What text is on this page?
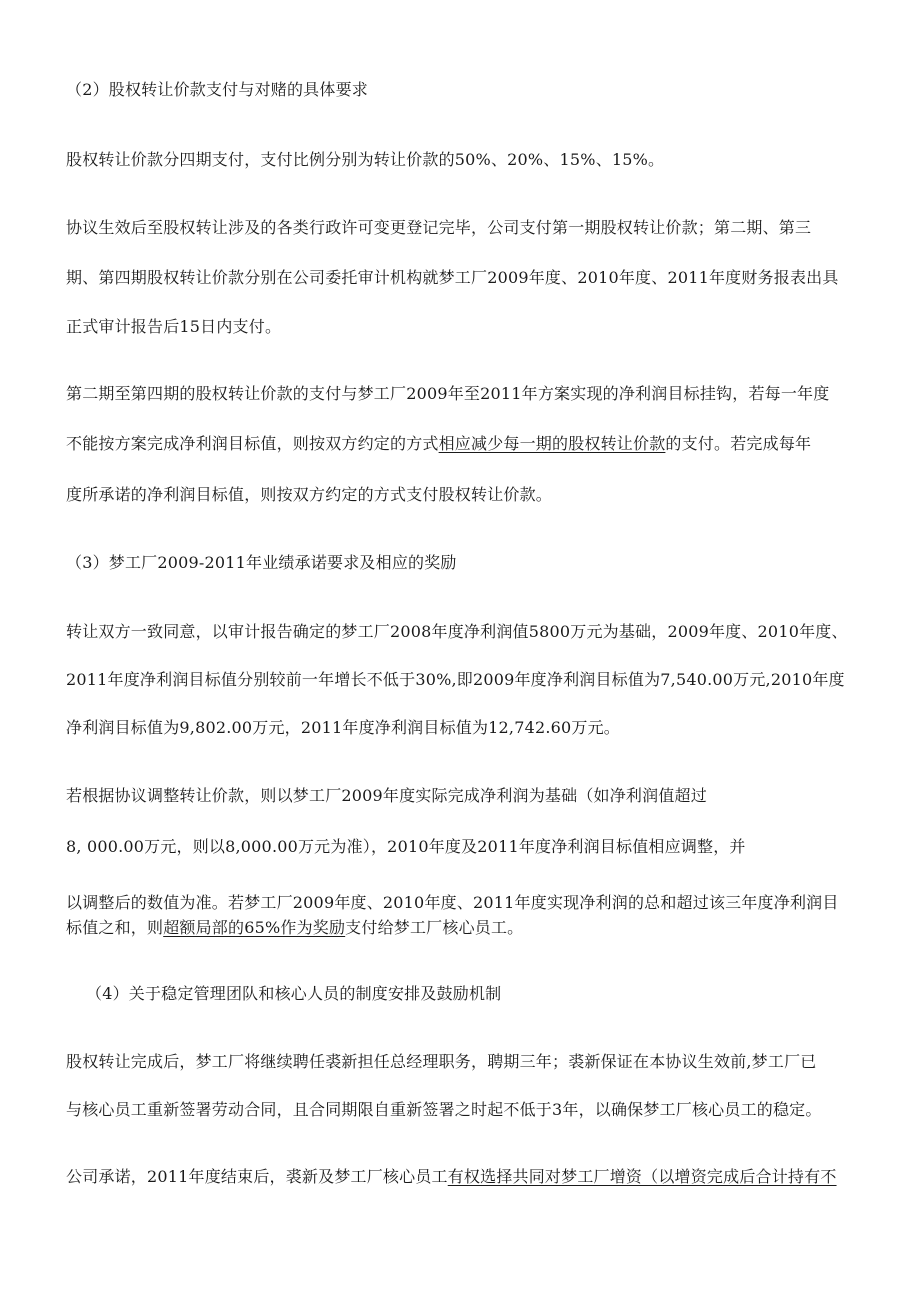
（2）股权转让价款支付与对赌的具体要求
股权转让价款分四期支付，支付比例分别为转让价款的50%、20%、15%、15%。
协议生效后至股权转让涉及的各类行政许可变更登记完毕，公司支付第一期股权转让价款；第二期、第三
期、第四期股权转让价款分别在公司委托审计机构就梦工厂2009年度、2010年度、2011年度财务报表出具
正式审计报告后15日内支付。
第二期至第四期的股权转让价款的支付与梦工厂2009年至2011年方案实现的净利润目标挂钩，若每一年度
不能按方案完成净利润目标值，则按双方约定的方式相应减少每一期的股权转让价款的支付。若完成每年
度所承诺的净利润目标值，则按双方约定的方式支付股权转让价款。
（3）梦工厂2009-2011年业绩承诺要求及相应的奖励
转让双方一致同意，以审计报告确定的梦工厂2008年度净利润值5800万元为基础，2009年度、2010年度、
2011年度净利润目标值分别较前一年增长不低于30%,即2009年度净利润目标值为7,540.00万元,2010年度
净利润目标值为9,802.00万元，2011年度净利润目标值为12,742.60万元。
若根据协议调整转让价款，则以梦工厂2009年度实际完成净利润为基础（如净利润值超过
8, 000.00万元，则以8,000.00万元为准），2010年度及2011年度净利润目标值相应调整，并
以调整后的数值为准。若梦工厂2009年度、2010年度、2011年度实现净利润的总和超过该三年度净利润目
标值之和，则超额局部的65%作为奖励支付给梦工厂核心员工。
（4）关于稳定管理团队和核心人员的制度安排及鼓励机制
股权转让完成后，梦工厂将继续聘任裘新担任总经理职务，聘期三年；裘新保证在本协议生效前,梦工厂已
与核心员工重新签署劳动合同，且合同期限自重新签署之时起不低于3年，以确保梦工厂核心员工的稳定。
公司承诺，2011年度结束后，裘新及梦工厂核心员工有权选择共同对梦工厂增资（以增资完成后合计持有不
